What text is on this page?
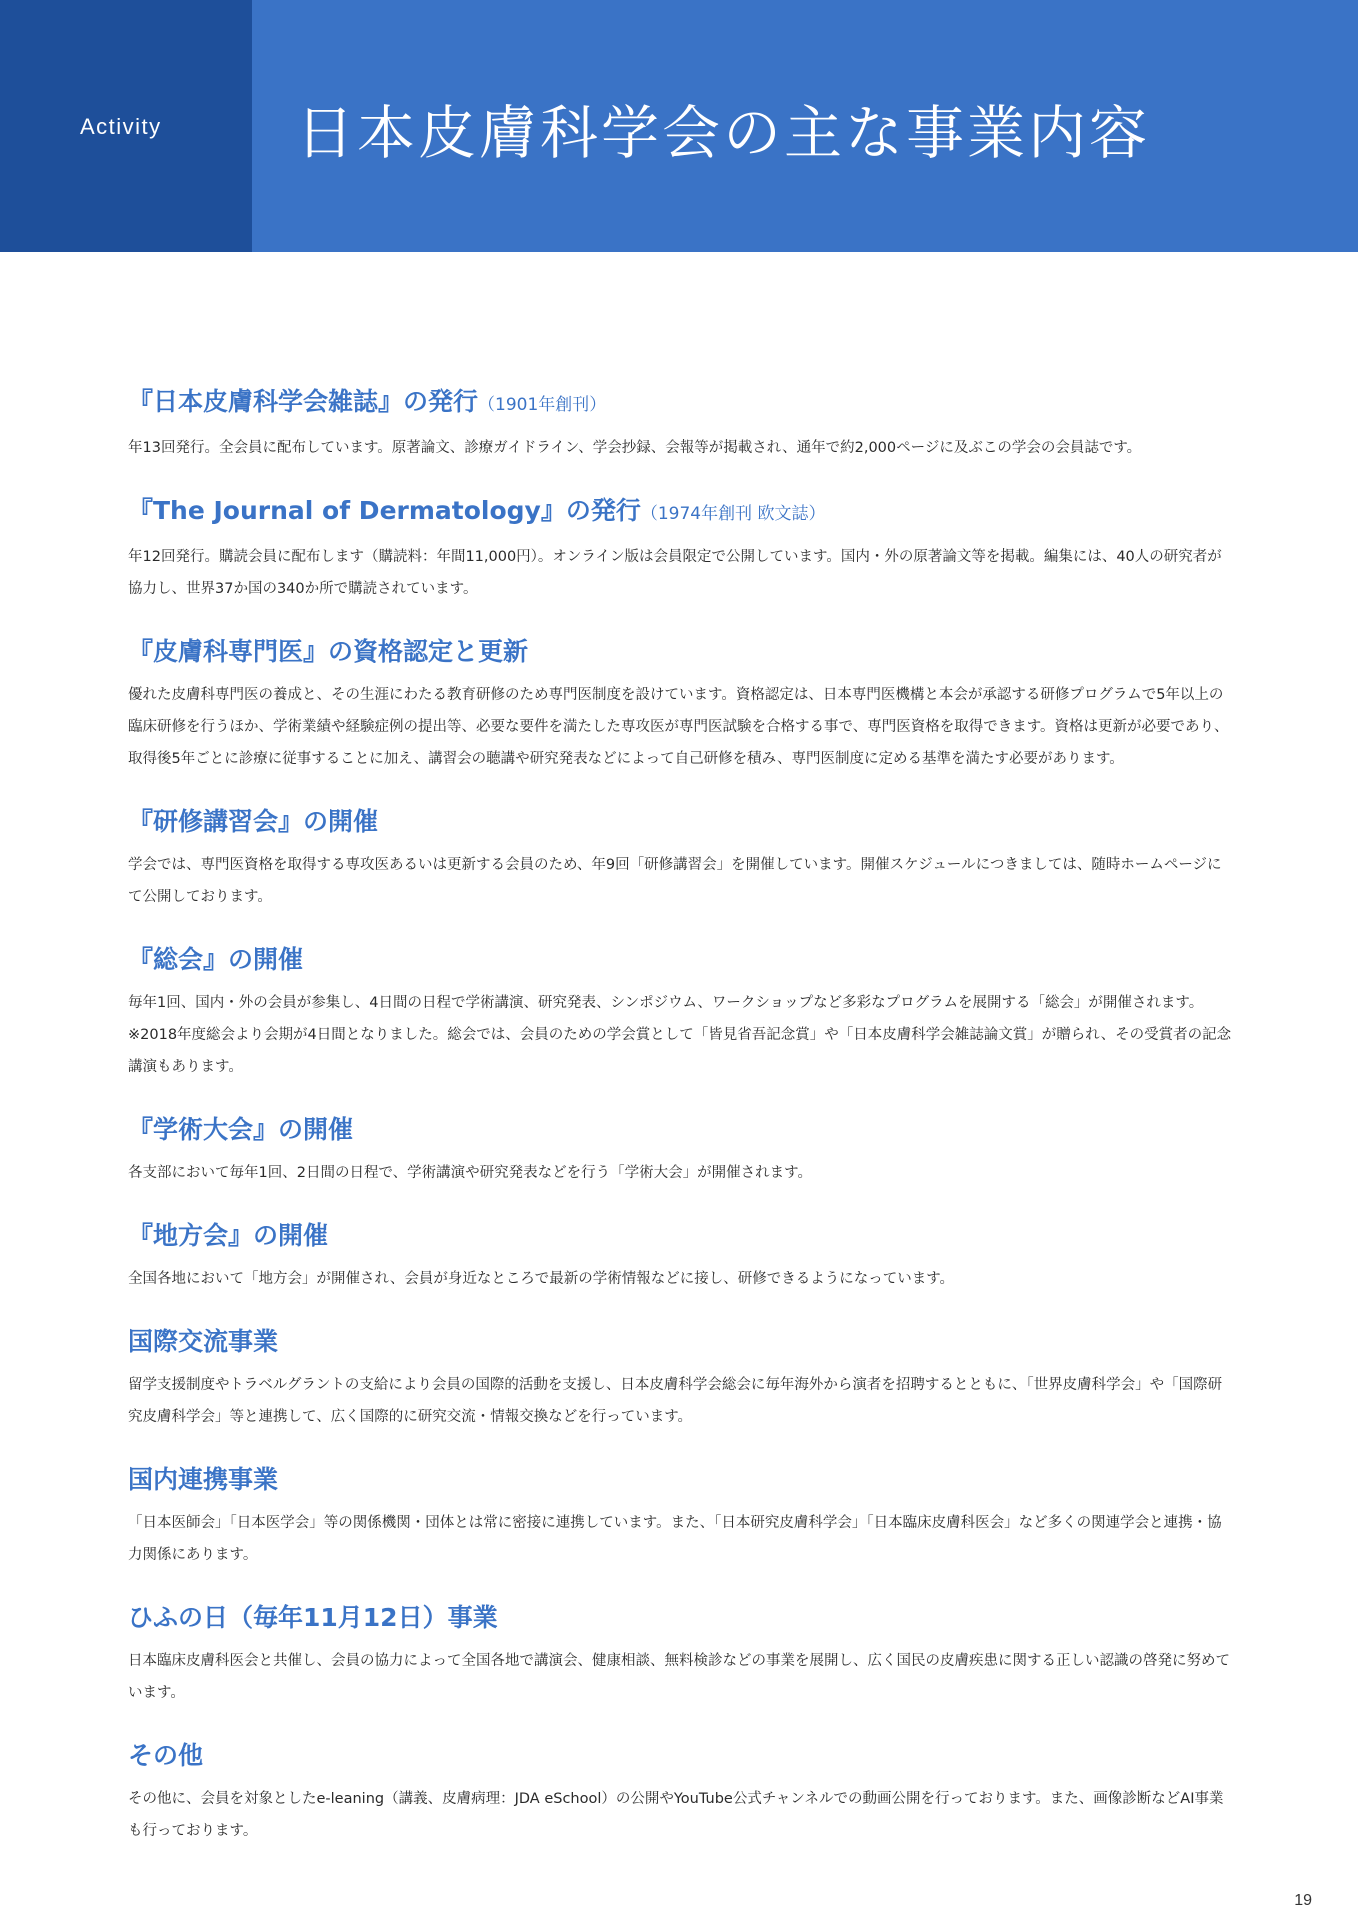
Activity 日本皮膚科学会の主な事業内容
『日本皮膚科学会雑誌』の発行（1901年創刊）

年13回発行。全会員に配布しています。原著論文、診療ガイドライン、学会抄録、会報等が掲載され、通年で約2,000ページに及ぶこの学会の会員誌です。

『The Journal of Dermatology』の発行（1974年創刊 欧文誌）

年12回発行。購読会員に配布します（購読料：年間11,000円）。オンライン版は会員限定で公開しています。国内・外の原著論文等を掲載。編集には、40人の研究者が協力し、世界37か国の340か所で購読されています。

『皮膚科専門医』の資格認定と更新

優れた皮膚科専門医の養成と、その生涯にわたる教育研修のため専門医制度を設けています。資格認定は、日本専門医機構と本会が承認する研修プログラムで5年以上の臨床研修を行うほか、学術業績や経験症例の提出等、必要な要件を満たした専攻医が専門医試験を合格する事で、専門医資格を取得できます。資格は更新が必要であり、取得後5年ごとに診療に従事することに加え、講習会の聴講や研究発表などによって自己研修を積み、専門医制度に定める基準を満たす必要があります。

『研修講習会』の開催

学会では、専門医資格を取得する専攻医あるいは更新する会員のため、年9回「研修講習会」を開催しています。開催スケジュールにつきましては、随時ホームページにて公開しております。

『総会』の開催

毎年1回、国内・外の会員が参集し、4日間の日程で学術講演、研究発表、シンポジウム、ワークショップなど多彩なプログラムを展開する「総会」が開催されます。※2018年度総会より会期が4日間となりました。総会では、会員のための学会賞として「皆見省吾記念賞」や「日本皮膚科学会雑誌論文賞」が贈られ、その受賞者の記念講演もあります。

『学術大会』の開催

各支部において毎年1回、2日間の日程で、学術講演や研究発表などを行う「学術大会」が開催されます。

『地方会』の開催

全国各地において「地方会」が開催され、会員が身近なところで最新の学術情報などに接し、研修できるようになっています。

国際交流事業

留学支援制度やトラベルグラントの支給により会員の国際的活動を支援し、日本皮膚科学会総会に毎年海外から演者を招聘するとともに、「世界皮膚科学会」や「国際研究皮膚科学会」等と連携して、広く国際的に研究交流・情報交換などを行っています。

国内連携事業

「日本医師会」「日本医学会」等の関係機関・団体とは常に密接に連携しています。また、「日本研究皮膚科学会」「日本臨床皮膚科医会」など多くの関連学会と連携・協力関係にあります。

ひふの日（毎年11月12日）事業

日本臨床皮膚科医会と共催し、会員の協力によって全国各地で講演会、健康相談、無料検診などの事業を展開し、広く国民の皮膚疾患に関する正しい認識の啓発に努めています。

その他

その他に、会員を対象としたe-leaning（講義、皮膚病理：JDA eSchool）の公開やYouTube公式チャンネルでの動画公開を行っております。また、画像診断などAI事業も行っております。

19
